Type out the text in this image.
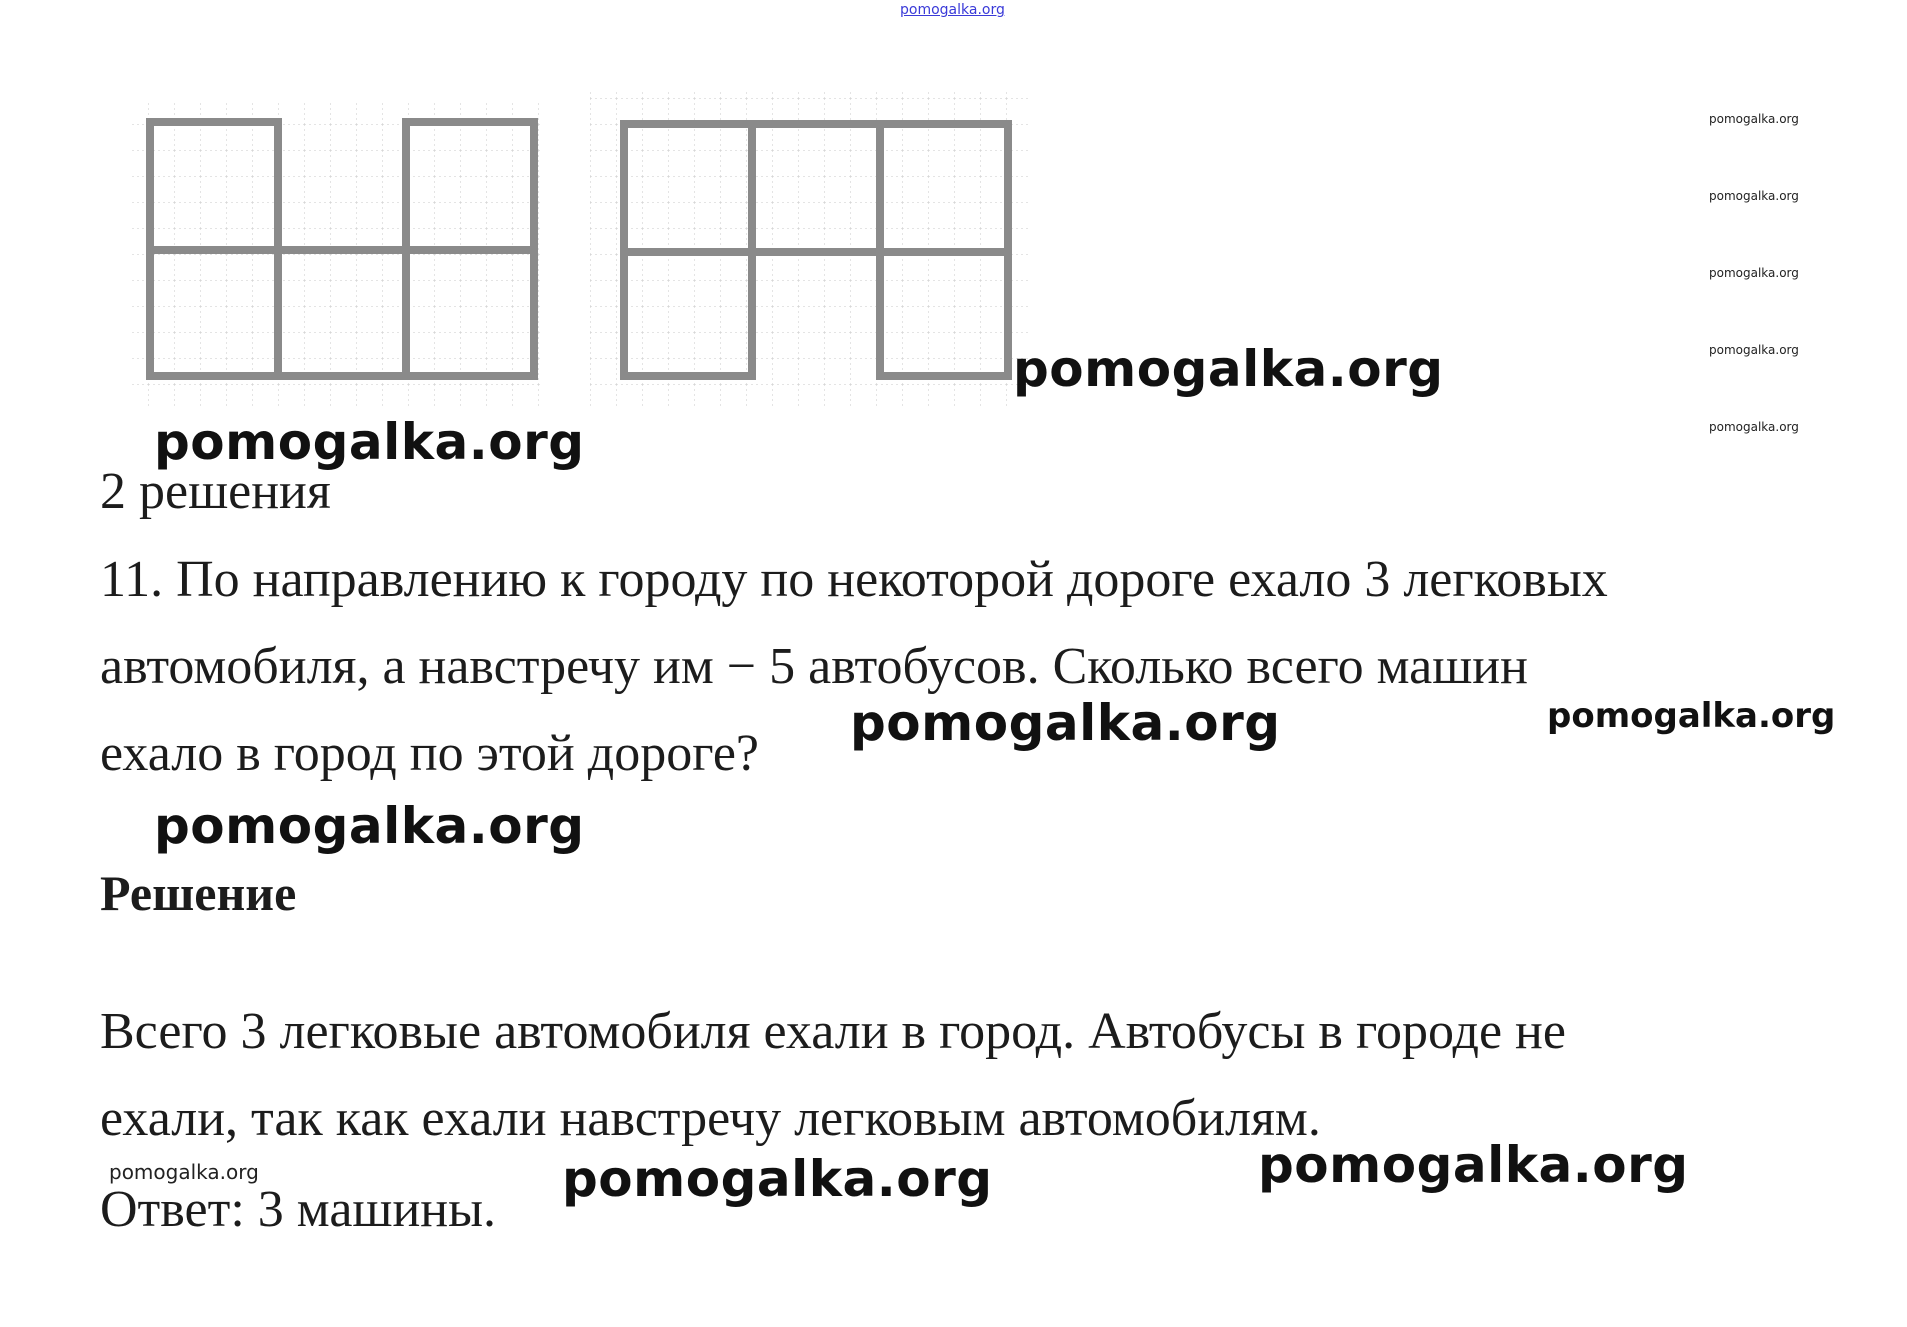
pomogalka.org
pomogalka.org
pomogalka.org
pomogalka.org
pomogalka.org
pomogalka.org
pomogalka.org
pomogalka.org
2 решения
11. По направлению к городу по некоторой дороге ехало 3 легковых
автомобиля, а навстречу им − 5 автобусов. Сколько всего машин
ехало в город по этой дороге?
pomogalka.org	pomogalka.org
pomogalka.org
Решение
Всего 3 легковые автомобиля ехали в город. Автобусы в городе не
ехали, так как ехали навстречу легковым автомобилям.
pomogalka.org	pomogalka.org	pomogalka.org
Ответ: 3 машины.
